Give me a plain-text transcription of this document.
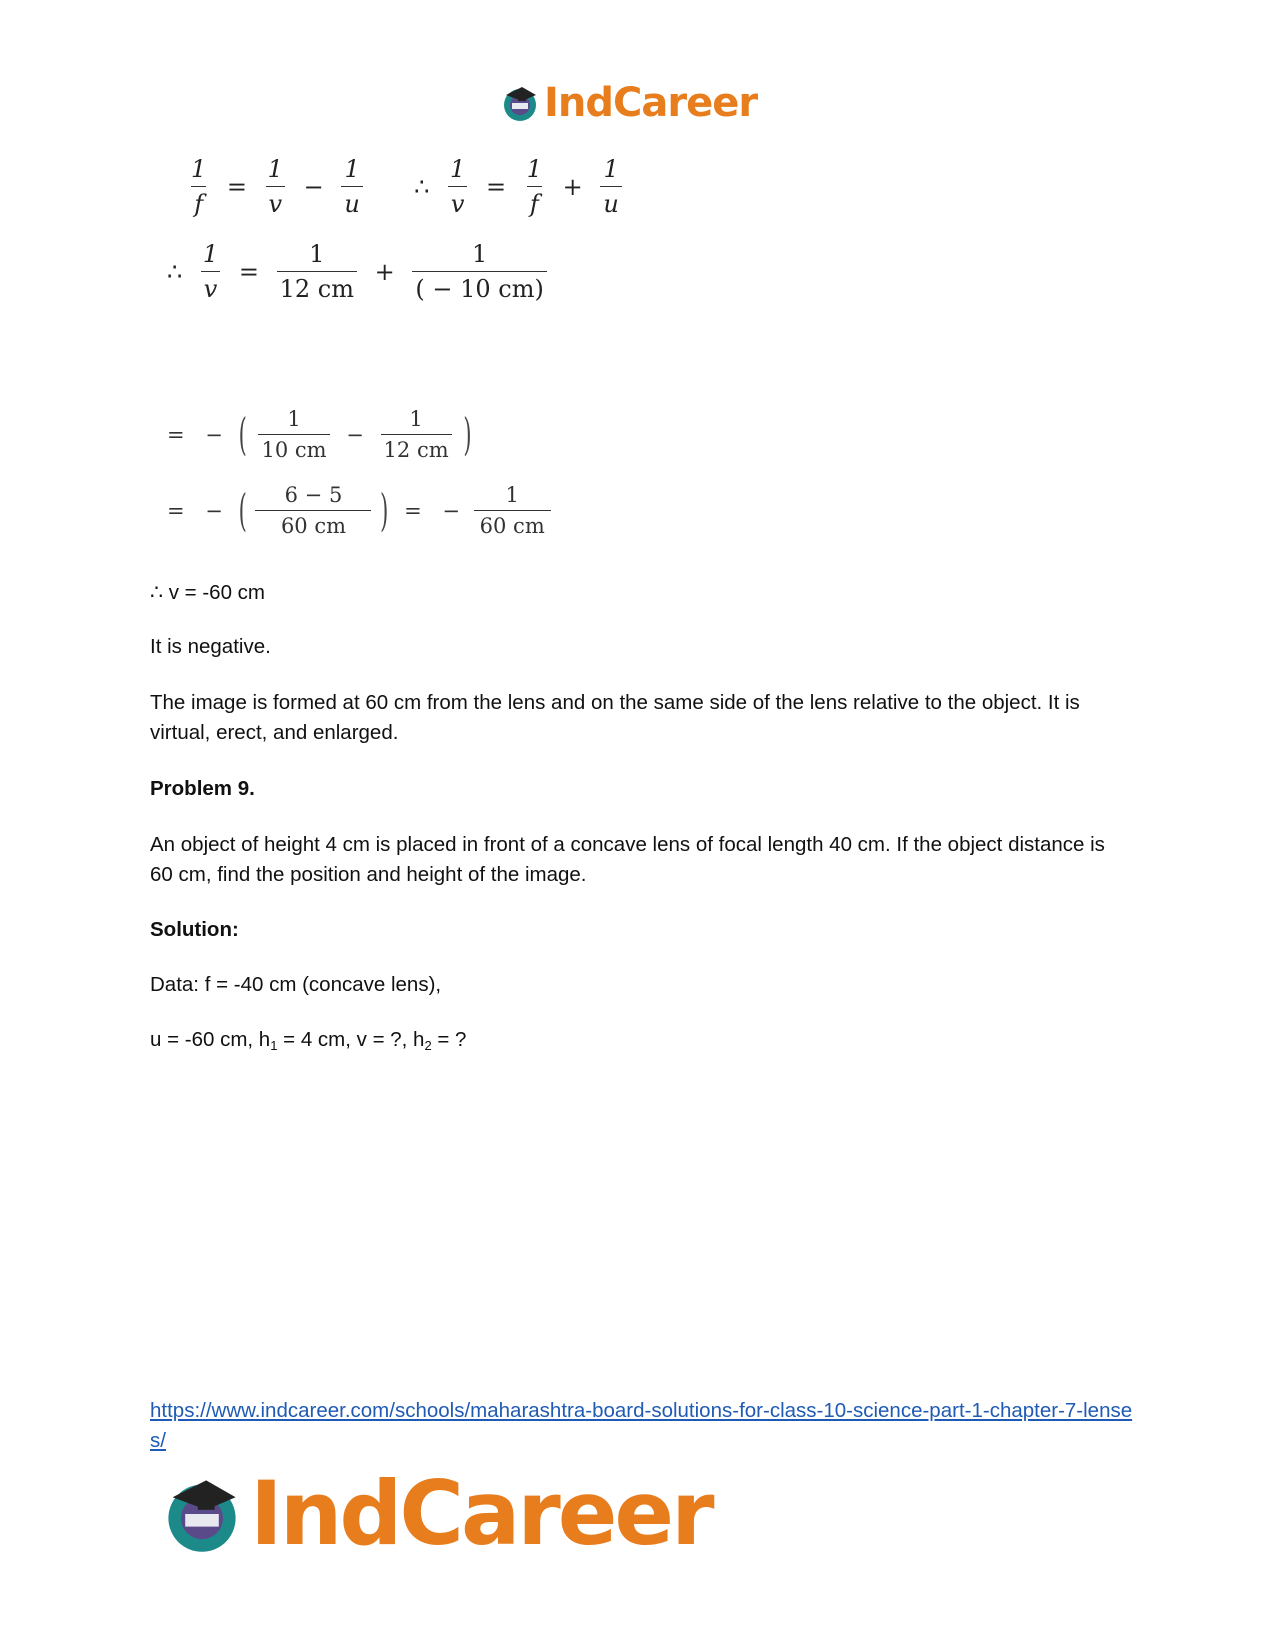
IndCareer
$\frac{1}{f} = \frac{1}{v} - \frac{1}{u}$ ∴ $\frac{1}{v} = \frac{1}{f} + \frac{1}{u}$
∴ $\frac{1}{v} = \frac{1}{12 cm} + \frac{1}{( - 10 cm)}$
= − ( $\frac{1}{10 cm} - \frac{1}{12 cm}$ )
= − ( $\frac{6 - 5}{60 cm}$ ) = − $\frac{1}{60 cm}$
∴ v = -60 cm
It is negative.
The image is formed at 60 cm from the lens and on the same side of the lens relative to the object. It is virtual, erect, and enlarged.
Problem 9.
An object of height 4 cm is placed in front of a concave lens of focal length 40 cm. If the object distance is 60 cm, find the position and height of the image.
Solution:
Data: f = -40 cm (concave lens),
u = -60 cm, $h_1 = 4$ cm, v = ?, $h_2$ = ?
https://www.indcareer.com/schools/maharashtra-board-solutions-for-class-10-science-part-1-chapter-7-lenses/
IndCareer
